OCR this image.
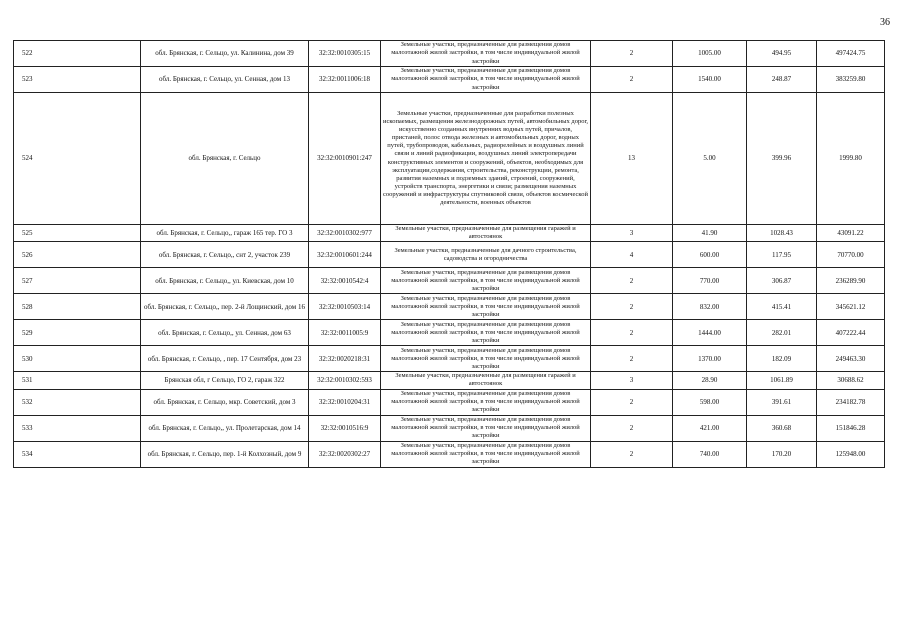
36
522	обл. Брянская, г. Сельцо, ул. Калинина, дом 39	32:32:0010305:15	Земельные участки, предназначенные для размещения домов малоэтажной жилой застройки, в том числе индивидуальной жилой застройки	2	1005.00	494.95	497424.75
523	обл. Брянская, г. Сельцо, ул. Сенная, дом 13	32:32:0011006:18	Земельные участки, предназначенные для размещения домов малоэтажной жилой застройки, в том числе индивидуальной жилой застройки	2	1540.00	248.87	383259.80
524	обл. Брянская, г. Сельцо	32:32:0010901:247	Земельные участки, предназначенные для разработки полезных ископаемых, размещения железнодорожных путей, автомобильных дорог, искусственно созданных внутренних водных путей, причалов, пристаней, полос отвода железных и автомобильных дорог, водных путей, трубопроводов, кабельных, радиорелейных и воздушных линий связи и линий радиофикации, воздушных линий электропередачи конструктивных элементов и сооружений, объектов, необходимых для эксплуатации,содержания, строительства, реконструкции, ремонта, развития наземных и подземных зданий, строений, сооружений, устройств транспорта, энергетики и связи; размещения наземных сооружений и инфраструктуры спутниковой связи, объектов космической деятельности, военных объектов	13	5.00	399.96	1999.80
525	обл. Брянская, г. Сельцо,, гараж 165 тер. ГО 3	32:32:0010302:977	Земельные участки, предназначенные для размещения гаражей и автостоянок	3	41.90	1028.43	43091.22
526	обл. Брянская, г. Сельцо,, снт 2, участок 239	32:32:0010601:244	Земельные участки, предназначенные для дачного строительства, садоводства и огородничества	4	600.00	117.95	70770.00
527	обл. Брянская, г. Сельцо,, ул. Киевская, дом 10	32:32:0010542:4	Земельные участки, предназначенные для размещения домов малоэтажной жилой застройки, в том числе индивидуальной жилой застройки	2	770.00	306.87	236289.90
528	обл. Брянская, г. Сельцо,, пер. 2-й Лощинский, дом 16	32:32:0010503:14	Земельные участки, предназначенные для размещения домов малоэтажной жилой застройки, в том числе индивидуальной жилой застройки	2	832.00	415.41	345621.12
529	обл. Брянская, г. Сельцо,, ул. Сенная, дом 63	32:32:0011005:9	Земельные участки, предназначенные для размещения домов малоэтажной жилой застройки, в том числе индивидуальной жилой застройки	2	1444.00	282.01	407222.44
530	обл. Брянская, г. Сельцо, , пер. 17 Сентября, дом 23	32:32:0020218:31	Земельные участки, предназначенные для размещения домов малоэтажной жилой застройки, в том числе индивидуальной жилой застройки	2	1370.00	182.09	249463.30
531	Брянская обл, г Сельцо, ГО 2, гараж 322	32:32:0010302:593	Земельные участки, предназначенные для размещения гаражей и автостоянок	3	28.90	1061.89	30688.62
532	обл. Брянская, г. Сельцо, мкр. Советский, дом 3	32:32:0010204:31	Земельные участки, предназначенные для размещения домов малоэтажной жилой застройки, в том числе индивидуальной жилой застройки	2	598.00	391.61	234182.78
533	обл. Брянская, г. Сельцо,, ул. Пролетарская, дом 14	32:32:0010516:9	Земельные участки, предназначенные для размещения домов малоэтажной жилой застройки, в том числе индивидуальной жилой застройки	2	421.00	360.68	151846.28
534	обл. Брянская, г. Сельцо, пер. 1-й Колхозный, дом 9	32:32:0020302:27	Земельные участки, предназначенные для размещения домов малоэтажной жилой застройки, в том числе индивидуальной жилой застройки	2	740.00	170.20	125948.00
